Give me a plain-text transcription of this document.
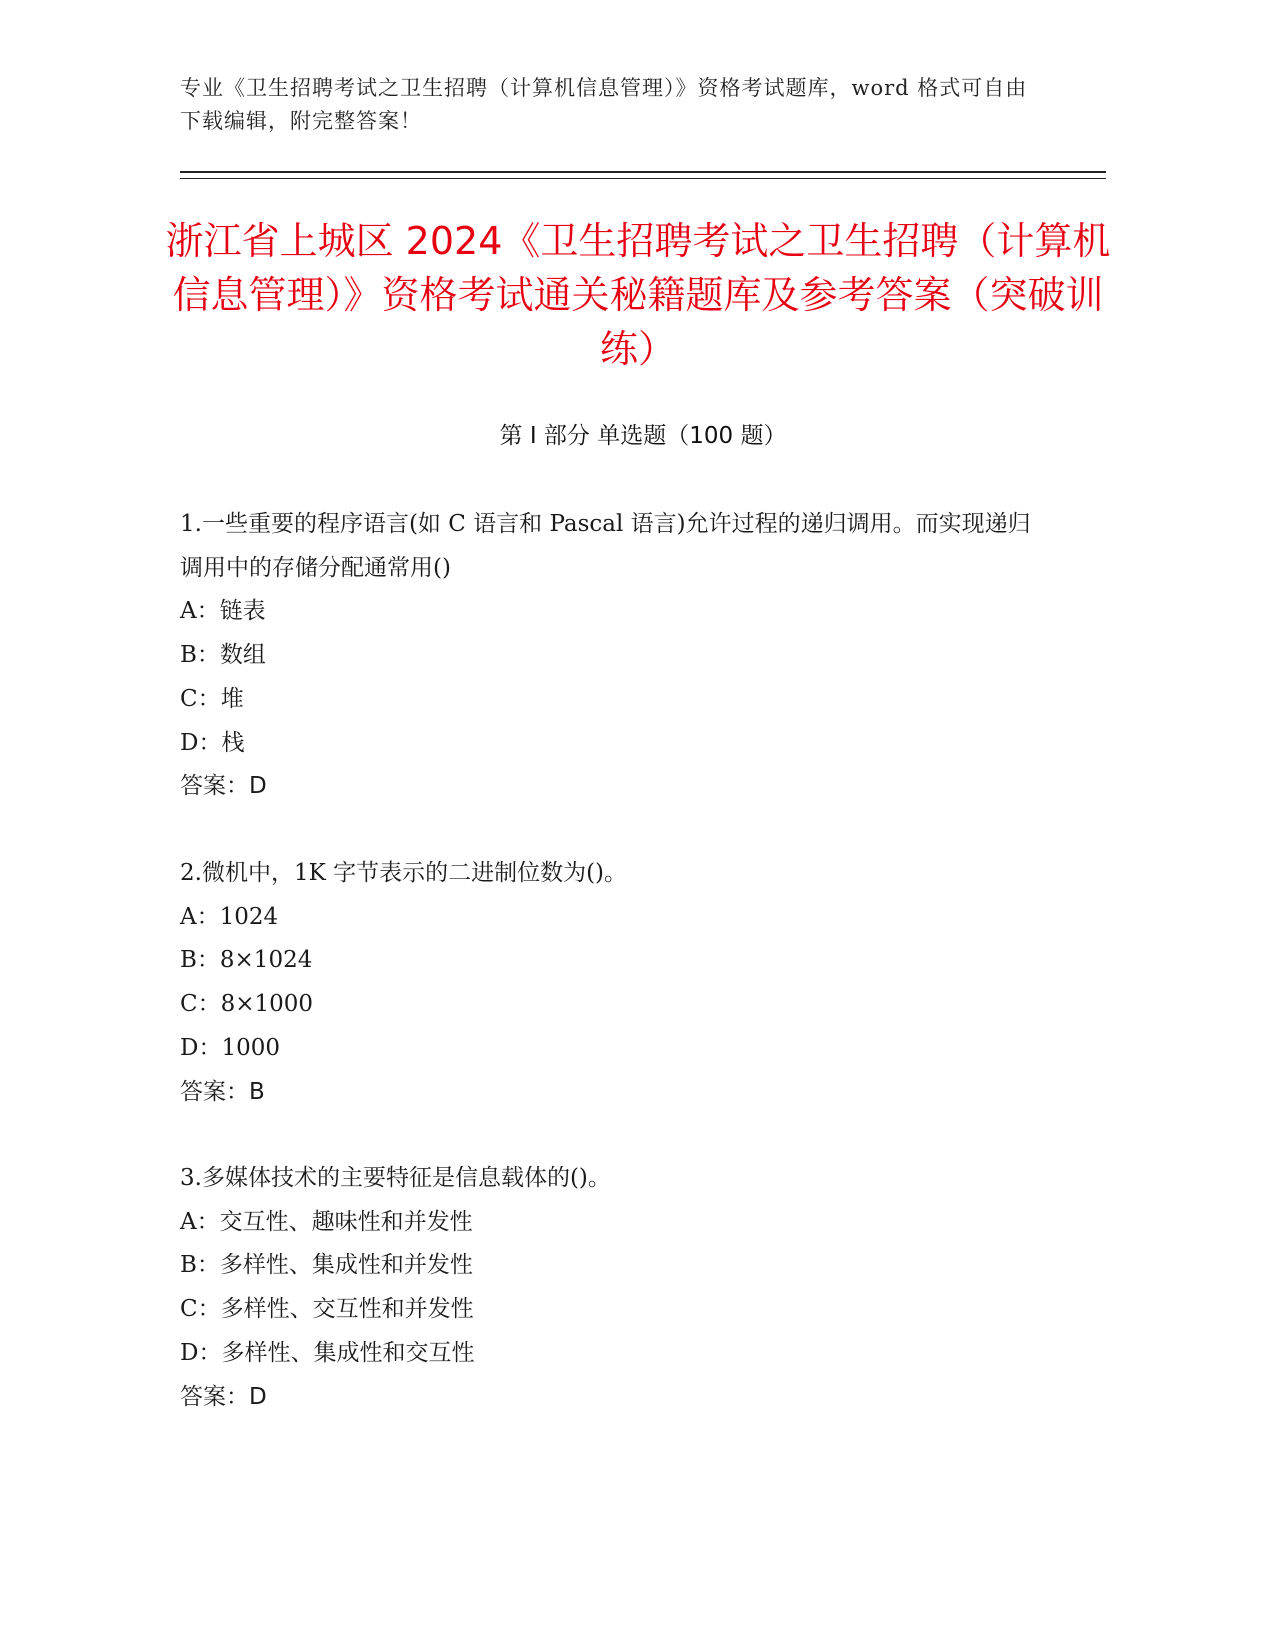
专业《卫生招聘考试之卫生招聘（计算机信息管理）》资格考试题库，word 格式可自由下载编辑，附完整答案！
浙江省上城区 2024《卫生招聘考试之卫生招聘（计算机信息管理）》资格考试通关秘籍题库及参考答案（突破训练）
第 I 部分 单选题（100 题）
1.一些重要的程序语言(如 C 语言和 Pascal 语言)允许过程的递归调用。而实现递归调用中的存储分配通常用()
A：链表
B：数组
C：堆
D：栈
答案：D
2.微机中，1K 字节表示的二进制位数为()。
A：1024
B：8×1024
C：8×1000
D：1000
答案：B
3.多媒体技术的主要特征是信息载体的()。
A：交互性、趣味性和并发性
B：多样性、集成性和并发性
C：多样性、交互性和并发性
D：多样性、集成性和交互性
答案：D
